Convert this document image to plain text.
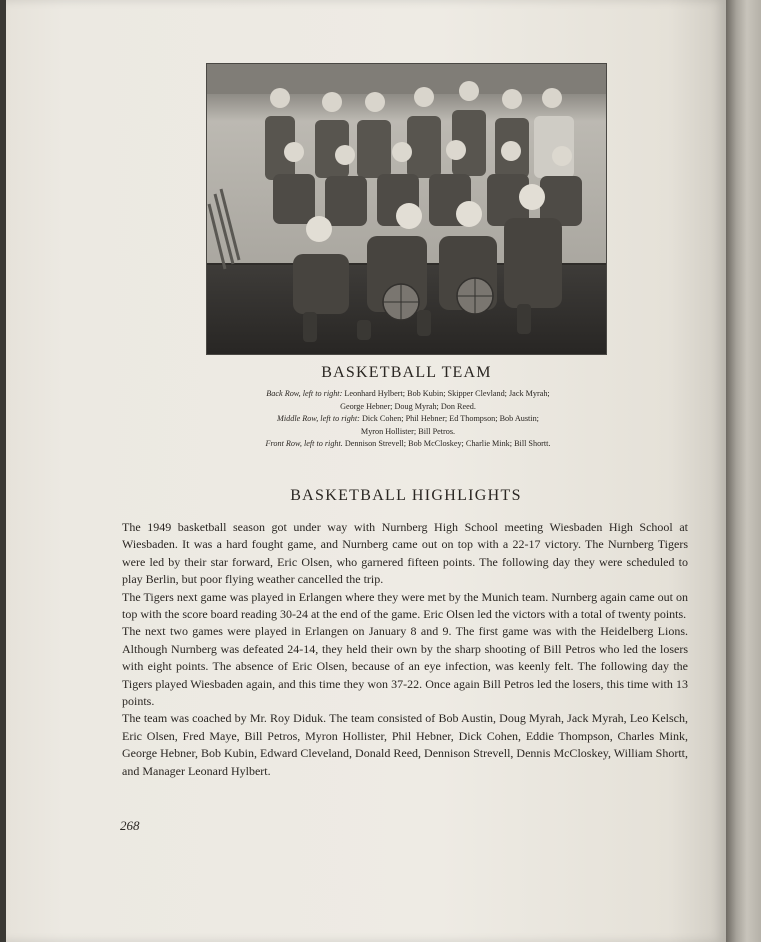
BASKETBALL TEAM
Back Row, left to right: Leonhard Hylbert; Bob Kubin; Skipper Clevland; Jack Myrah;
George Hebner; Doug Myrah; Don Reed.
Middle Row, left to right: Dick Cohen; Phil Hebner; Ed Thompson; Bob Austin;
Myron Hollister; Bill Petros.
Front Row, left to right. Dennison Strevell; Bob McCloskey; Charlie Mink; Bill Shortt.
BASKETBALL HIGHLIGHTS

The 1949 basketball season got under way with Nurnberg High School meeting Wiesbaden High School at Wiesbaden. It was a hard fought game, and Nurnberg came out on top with a 22-17 victory. The Nurnberg Tigers were led by their star forward, Eric Olsen, who garnered fifteen points. The following day they were scheduled to play Berlin, but poor flying weather cancelled the trip.

The Tigers next game was played in Erlangen where they were met by the Munich team. Nurnberg again came out on top with the score board reading 30-24 at the end of the game. Eric Olsen led the victors with a total of twenty points.

The next two games were played in Erlangen on January 8 and 9. The first game was with the Heidelberg Lions. Although Nurnberg was defeated 24-14, they held their own by the sharp shooting of Bill Petros who led the losers with eight points. The absence of Eric Olsen, because of an eye infection, was keenly felt. The following day the Tigers played Wiesbaden again, and this time they won 37-22. Once again Bill Petros led the losers, this time with 13 points.

The team was coached by Mr. Roy Diduk. The team consisted of Bob Austin, Doug Myrah, Jack Myrah, Leo Kelsch, Eric Olsen, Fred Maye, Bill Petros, Myron Hollister, Phil Hebner, Dick Cohen, Eddie Thompson, Charles Mink, George Hebner, Bob Kubin, Edward Cleveland, Donald Reed, Dennison Strevell, Dennis McCloskey, William Shortt, and Manager Leonard Hylbert.

268
